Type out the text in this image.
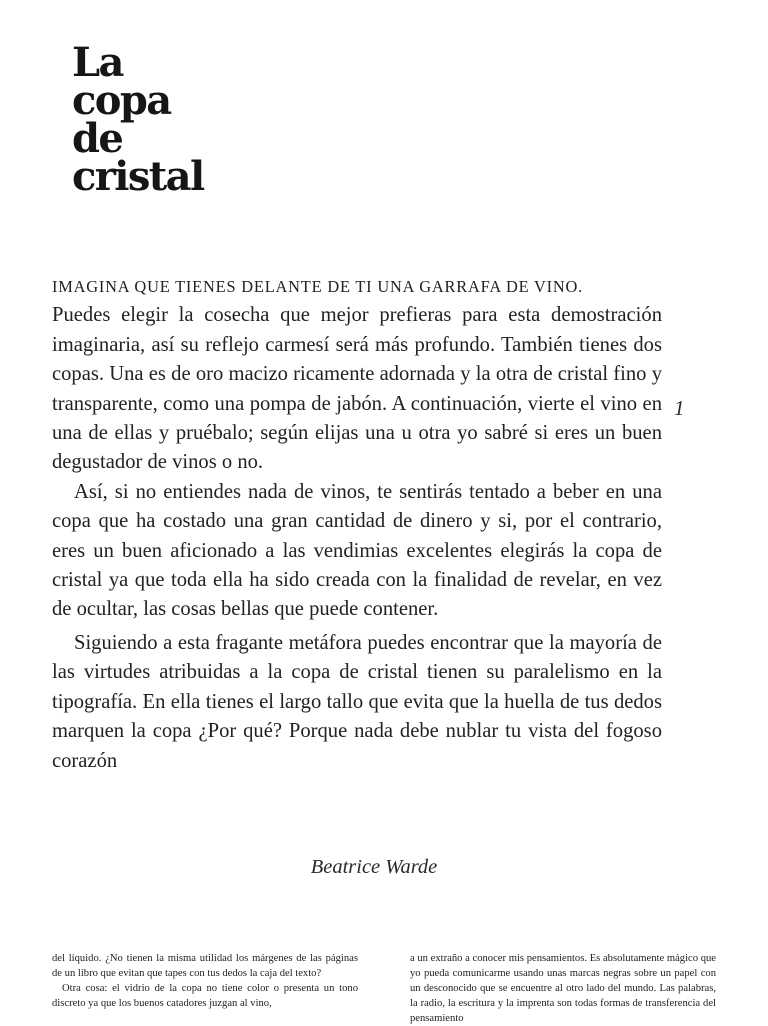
La
copa
de
cristal

IMAGINA QUE TIENES DELANTE DE TI UNA GARRAFA DE VINO.
Puedes elegir la cosecha que mejor prefieras para esta demostración imaginaria, así su reflejo carmesí será más profundo. También tienes dos copas. Una es de oro macizo ricamente adornada y la otra de cristal fino y transparente, como una pompa de jabón. A continuación, vierte el vino en una de ellas y pruébalo; según elijas una u otra yo sabré si eres un buen degustador de vinos o no.

Así, si no entiendes nada de vinos, te sentirás tentado a beber en una copa que ha costado una gran cantidad de dinero y si, por el contrario, eres un buen aficionado a las vendimias excelentes elegirás la copa de cristal ya que toda ella ha sido creada con la finalidad de revelar, en vez de ocultar, las cosas bellas que puede contener.

Siguiendo a esta fragante metáfora puedes encontrar que la mayoría de las virtudes atribuidas a la copa de cristal tienen su paralelismo en la tipografía. En ella tienes el largo tallo que evita que la huella de tus dedos marquen la copa ¿Por qué? Porque nada debe nublar tu vista del fogoso corazón

1
Beatrice Warde

del líquido. ¿No tienen la misma utilidad los márgenes de las páginas de un libro que evitan que tapes con tus dedos la caja del texto?

Otra cosa: el vidrio de la copa no tiene color o presenta un tono discreto ya que los buenos catadores juzgan al vino,

a un extraño a conocer mis pensamientos. Es absolutamente mágico que yo pueda comunicarme usando unas marcas negras sobre un papel con un desconocido que se encuentre al otro lado del mundo. Las palabras, la radio, la escritura y la imprenta son todas formas de transferencia del pensamiento
